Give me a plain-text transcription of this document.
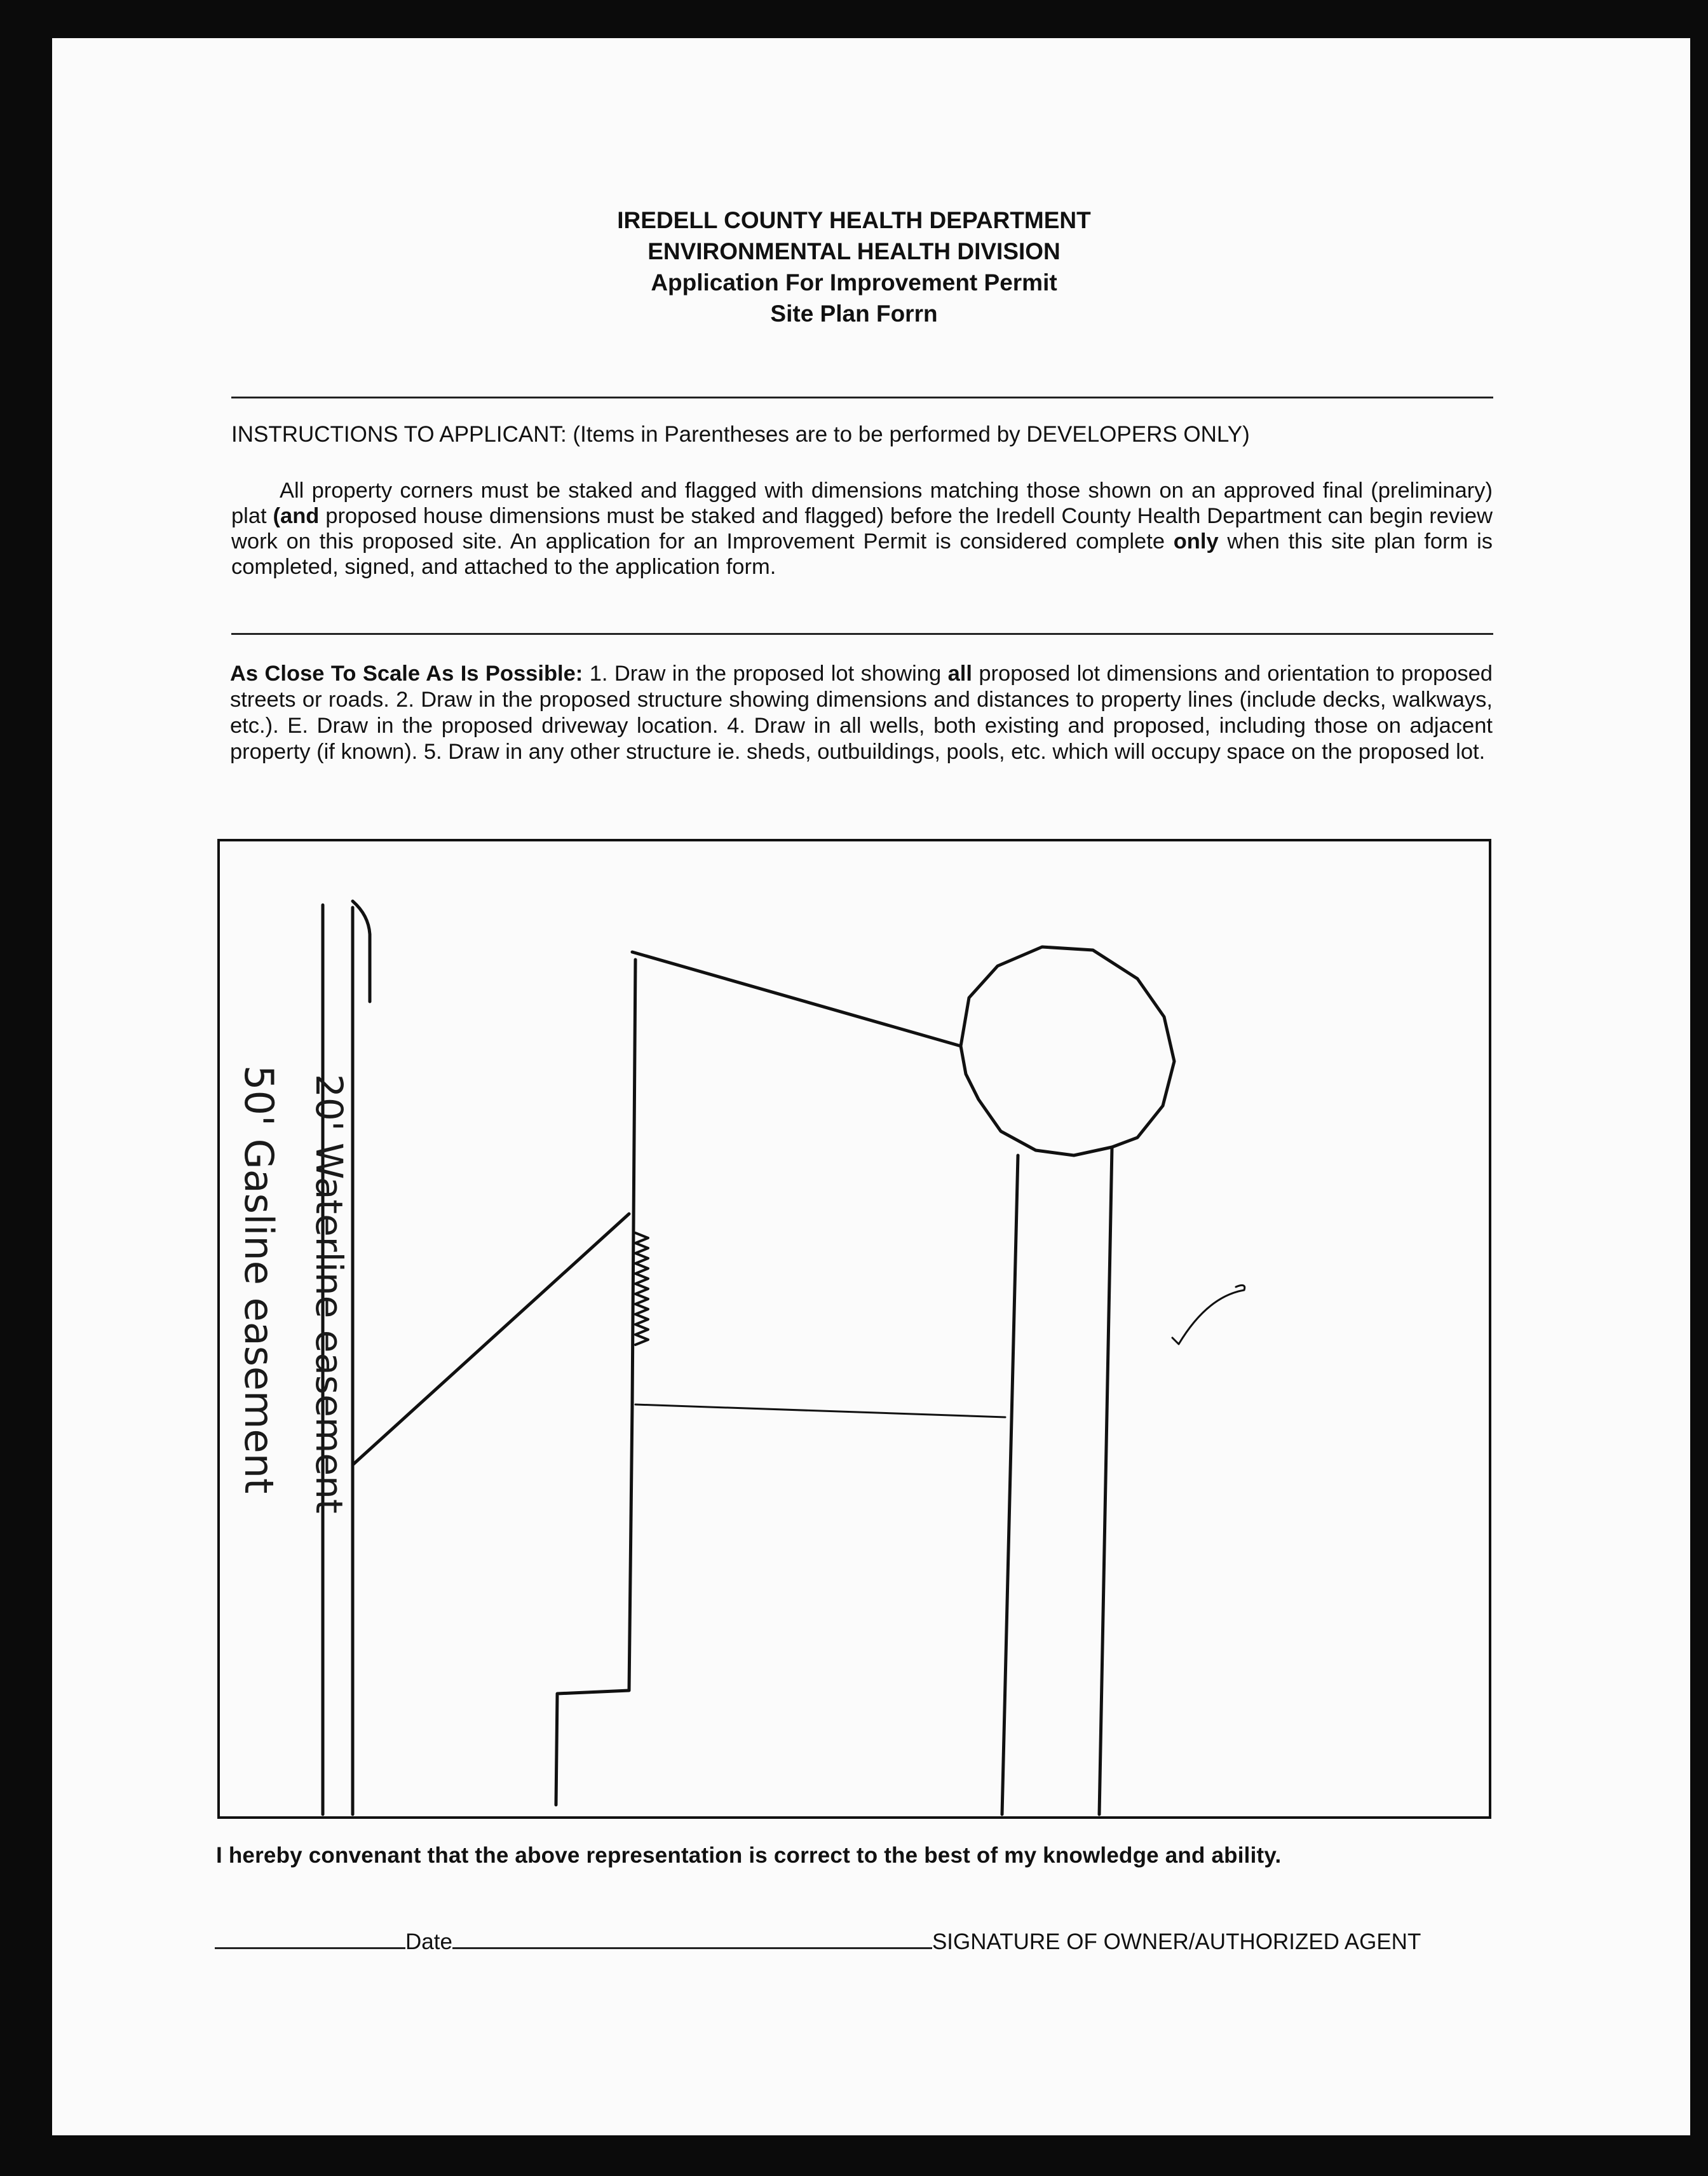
IREDELL COUNTY HEALTH DEPARTMENT
ENVIRONMENTAL HEALTH DIVISION
Application For Improvement Permit
Site Plan Forrn
INSTRUCTIONS TO APPLICANT: (Items in Parentheses are to be performed by DEVELOPERS ONLY)
All property corners must be staked and flagged with dimensions matching those shown on an approved final (preliminary) plat (and proposed house dimensions must be staked and flagged) before the Iredell County Health Department can begin review work on this proposed site. An application for an Improvement Permit is considered complete only when this site plan form is completed, signed, and attached to the application form.
As Close To Scale As Is Possible: 1. Draw in the proposed lot showing all proposed lot dimensions and orientation to proposed streets or roads. 2. Draw in the proposed structure showing dimensions and distances to property lines (include decks, walkways, etc.). E. Draw in the proposed driveway location. 4. Draw in all wells, both existing and proposed, including those on adjacent property (if known). 5. Draw in any other structure ie. sheds, outbuildings, pools, etc. which will occupy space on the proposed lot.
20' Waterline easement
50' Gasline easement
I hereby convenant that the above representation is correct to the best of my knowledge and ability.
Date	SIGNATURE OF OWNER/AUTHORIZED AGENT
